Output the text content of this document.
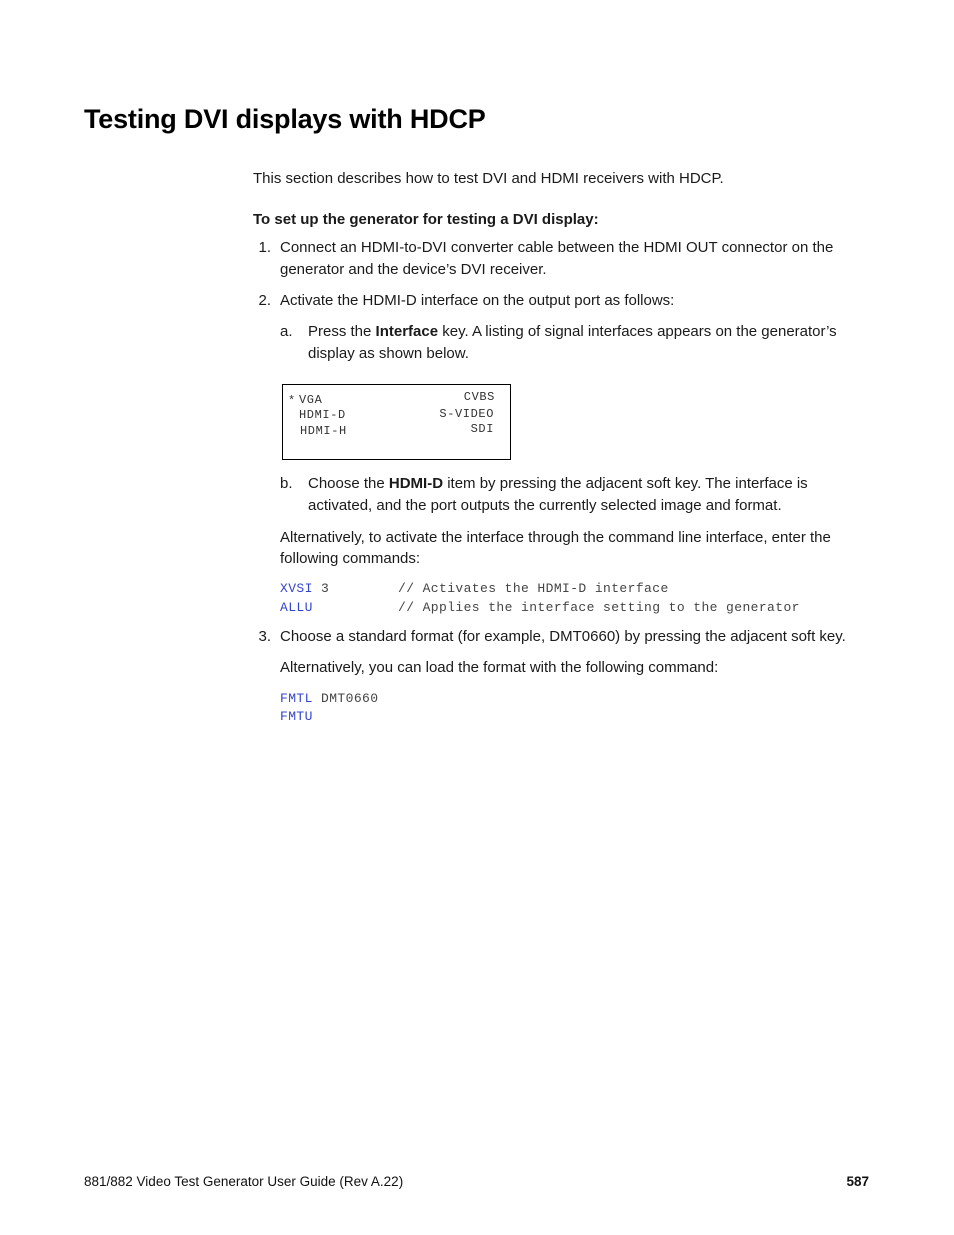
Testing DVI displays with HDCP
This section describes how to test DVI and HDMI receivers with HDCP.
To set up the generator for testing a DVI display:
1. Connect an HDMI-to-DVI converter cable between the HDMI OUT connector on the
generator and the device’s DVI receiver.
2. Activate the HDMI-D interface on the output port as follows:
a. Press the Interface key. A listing of signal interfaces appears on the generator’s
display as shown below.
* VGA
HDMI-D
HDMI-H
CVBS
S-VIDEO
SDI
b. Choose the HDMI-D item by pressing the adjacent soft key. The interface is
activated, and the port outputs the currently selected image and format.
Alternatively, to activate the interface through the command line interface, enter the
following commands:
XVSI 3	// Activates the HDMI-D interface
ALLU	// Applies the interface setting to the generator
3. Choose a standard format (for example, DMT0660) by pressing the adjacent soft key.
Alternatively, you can load the format with the following command:
FMTL DMT0660
FMTU
881/882 Video Test Generator User Guide (Rev A.22)	587
